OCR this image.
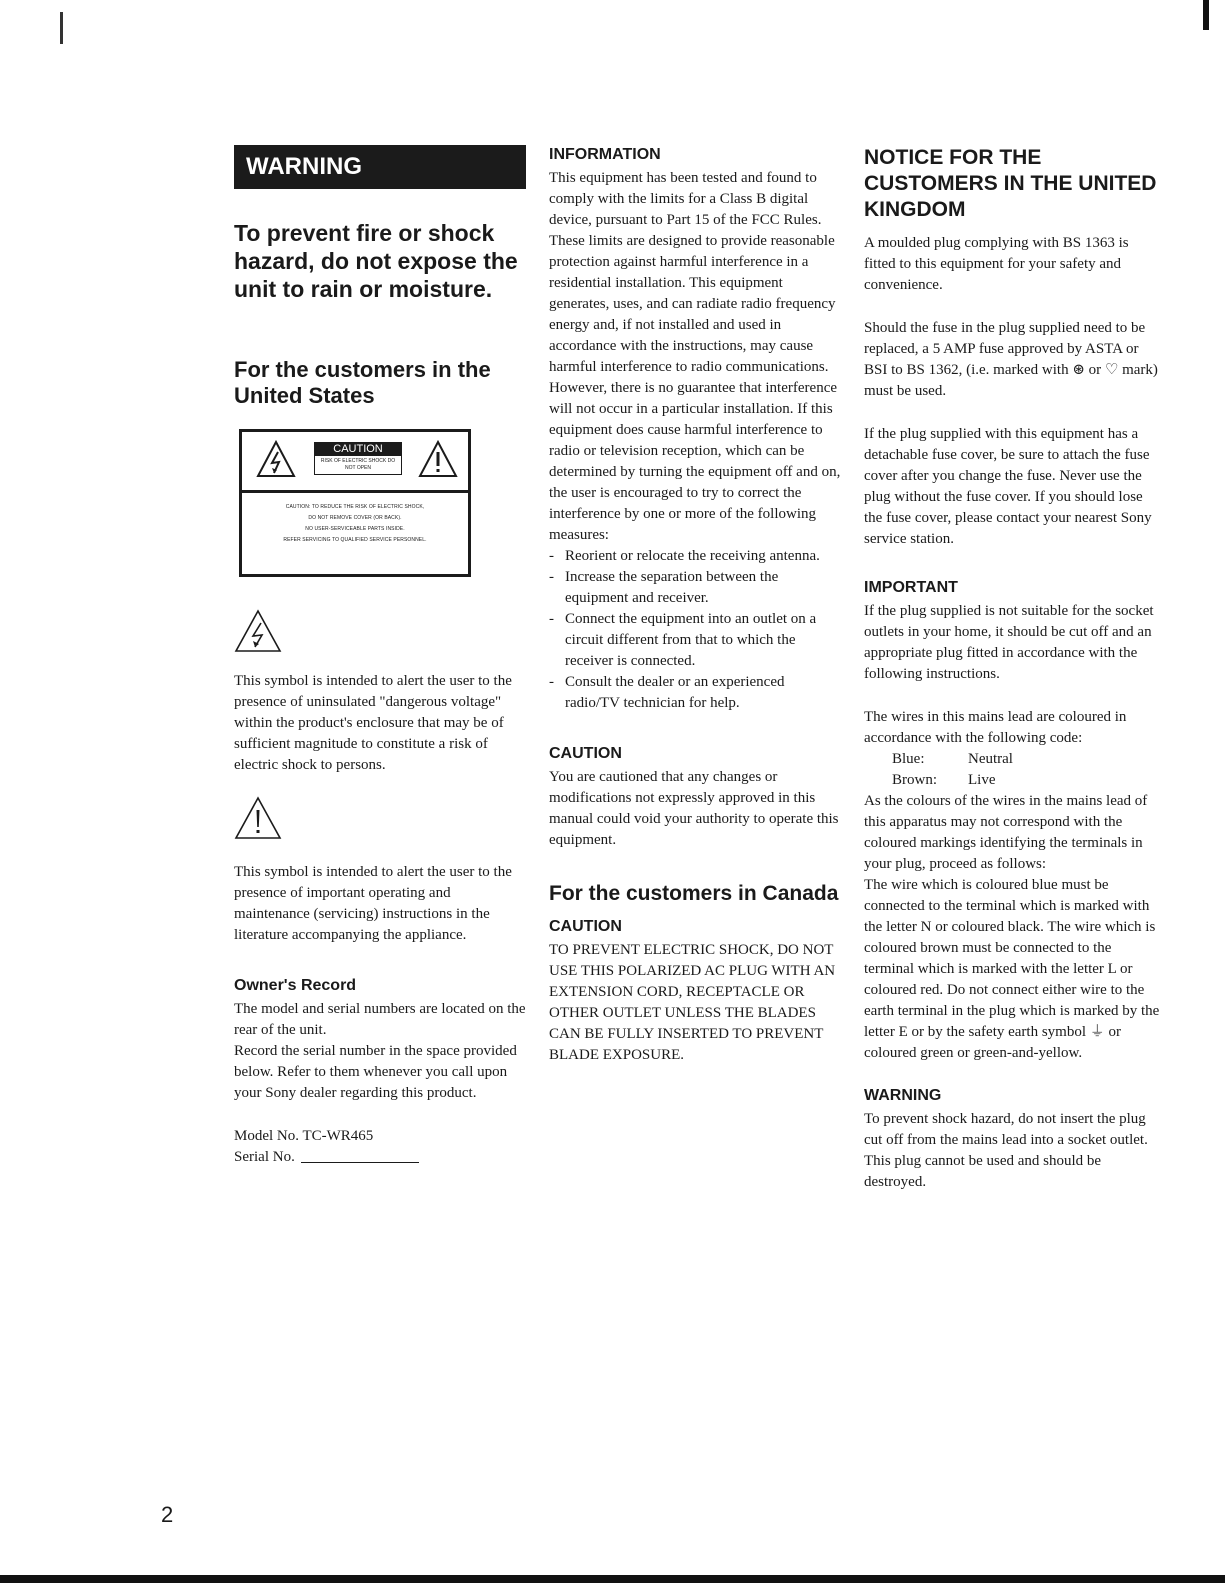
WARNING

To prevent fire or shock hazard, do not expose the unit to rain or moisture.

For the customers in the United States

CAUTION
RISK OF ELECTRIC SHOCK DO NOT OPEN
CAUTION: TO REDUCE THE RISK OF ELECTRIC SHOCK,
DO NOT REMOVE COVER (OR BACK).
NO USER-SERVICEABLE PARTS INSIDE.
REFER SERVICING TO QUALIFIED SERVICE PERSONNEL.

This symbol is intended to alert the user to the presence of uninsulated "dangerous voltage" within the product's enclosure that may be of sufficient magnitude to constitute a risk of electric shock to persons.

This symbol is intended to alert the user to the presence of important operating and maintenance (servicing) instructions in the literature accompanying the appliance.

Owner's Record

The model and serial numbers are located on the rear of the unit.

Record the serial number in the space provided below. Refer to them whenever you call upon your Sony dealer regarding this product.

Model No. TC-WR465

Serial No.

INFORMATION

This equipment has been tested and found to comply with the limits for a Class B digital device, pursuant to Part 15 of the FCC Rules.

These limits are designed to provide reasonable protection against harmful interference in a residential installation. This equipment generates, uses, and can radiate radio frequency energy and, if not installed and used in accordance with the instructions, may cause harmful interference to radio communications. However, there is no guarantee that interference will not occur in a particular installation. If this equipment does cause harmful interference to radio or television reception, which can be determined by turning the equipment off and on, the user is encouraged to try to correct the interference by one or more of the following measures:

- Reorient or relocate the receiving antenna.
- Increase the separation between the equipment and receiver.
- Connect the equipment into an outlet on a circuit different from that to which the receiver is connected.
- Consult the dealer or an experienced radio/TV technician for help.

CAUTION

You are cautioned that any changes or modifications not expressly approved in this manual could void your authority to operate this equipment.

For the customers in Canada

CAUTION

TO PREVENT ELECTRIC SHOCK, DO NOT USE THIS POLARIZED AC PLUG WITH AN EXTENSION CORD, RECEPTACLE OR OTHER OUTLET UNLESS THE BLADES CAN BE FULLY INSERTED TO PREVENT BLADE EXPOSURE.

NOTICE FOR THE CUSTOMERS IN THE UNITED KINGDOM

A moulded plug complying with BS 1363 is fitted to this equipment for your safety and convenience.

Should the fuse in the plug supplied need to be replaced, a 5 AMP fuse approved by ASTA or BSI to BS 1362, (i.e. marked with ⊛ or ♡ mark) must be used.

If the plug supplied with this equipment has a detachable fuse cover, be sure to attach the fuse cover after you change the fuse. Never use the plug without the fuse cover. If you should lose the fuse cover, please contact your nearest Sony service station.

IMPORTANT

If the plug supplied is not suitable for the socket outlets in your home, it should be cut off and an appropriate plug fitted in accordance with the following instructions.

The wires in this mains lead are coloured in accordance with the following code:

Blue:	Neutral
Brown:	Live

As the colours of the wires in the mains lead of this apparatus may not correspond with the coloured markings identifying the terminals in your plug, proceed as follows:

The wire which is coloured blue must be connected to the terminal which is marked with the letter N or coloured black. The wire which is coloured brown must be connected to the terminal which is marked with the letter L or coloured red. Do not connect either wire to the earth terminal in the plug which is marked by the letter E or by the safety earth symbol ⏚ or coloured green or green-and-yellow.

WARNING

To prevent shock hazard, do not insert the plug cut off from the mains lead into a socket outlet. This plug cannot be used and should be destroyed.

2
